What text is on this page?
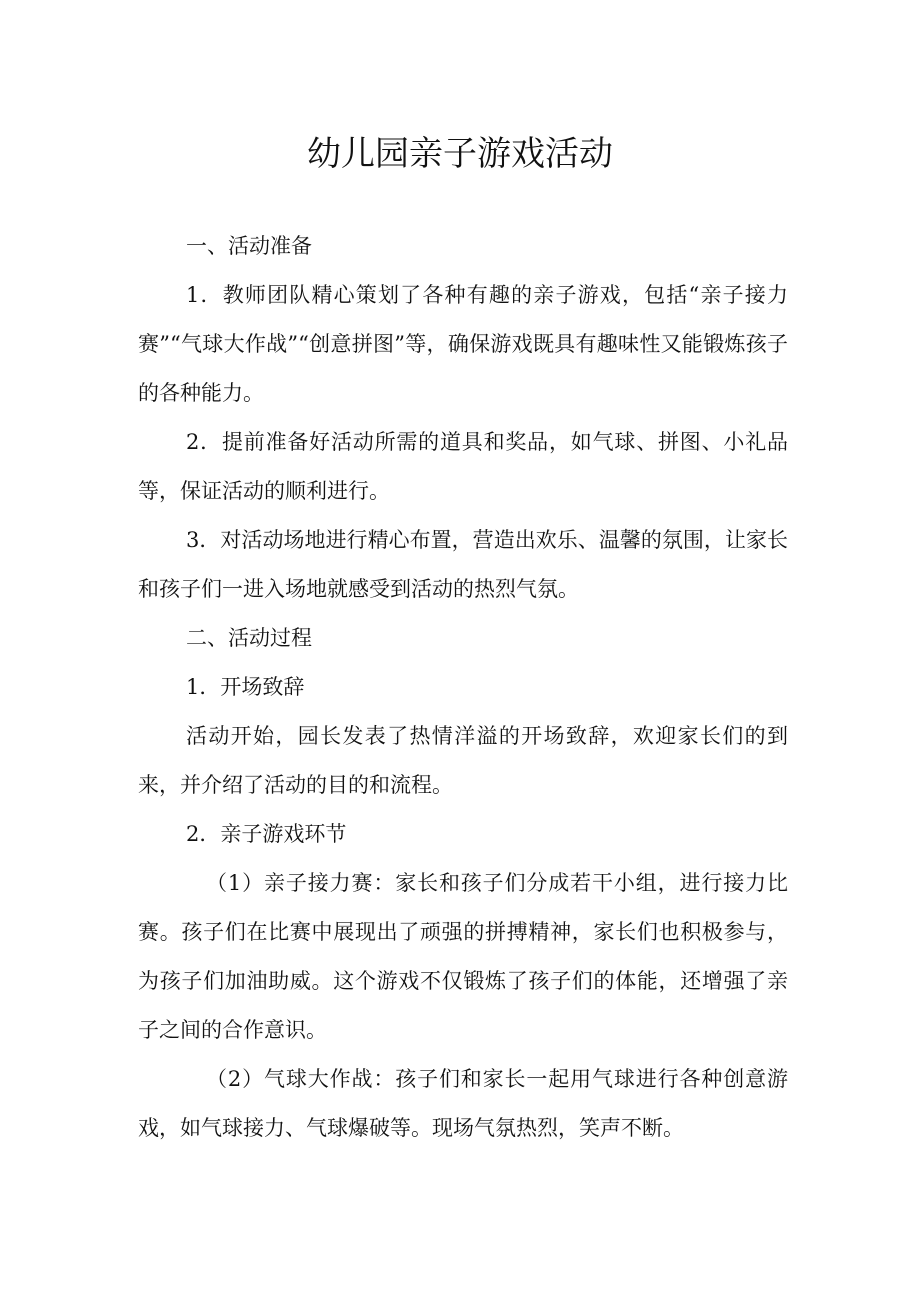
幼儿园亲子游戏活动

一、活动准备

1．教师团队精心策划了各种有趣的亲子游戏，包括“亲子接力赛”“气球大作战”“创意拼图”等，确保游戏既具有趣味性又能锻炼孩子的各种能力。

2．提前准备好活动所需的道具和奖品，如气球、拼图、小礼品等，保证活动的顺利进行。

3．对活动场地进行精心布置，营造出欢乐、温馨的氛围，让家长和孩子们一进入场地就感受到活动的热烈气氛。

二、活动过程

1．开场致辞

活动开始，园长发表了热情洋溢的开场致辞，欢迎家长们的到来，并介绍了活动的目的和流程。

2．亲子游戏环节

（1）亲子接力赛：家长和孩子们分成若干小组，进行接力比赛。孩子们在比赛中展现出了顽强的拼搏精神，家长们也积极参与，为孩子们加油助威。这个游戏不仅锻炼了孩子们的体能，还增强了亲子之间的合作意识。

（2）气球大作战：孩子们和家长一起用气球进行各种创意游戏，如气球接力、气球爆破等。现场气氛热烈，笑声不断。
